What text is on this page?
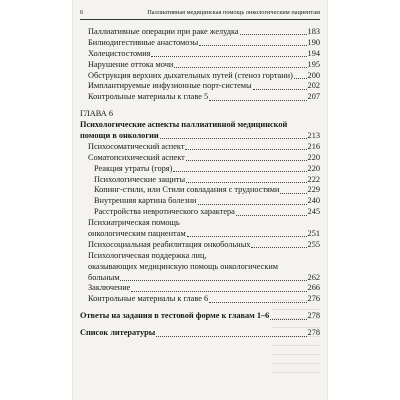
6	Паллиативная медицинская помощь онкологическим пациентам
Паллиативные операции при раке желудка	183
Билиодигестивные анастомозы	190
Холецистостомия	194
Нарушение оттока мочи	195
Обструкция верхних дыхательных путей (стеноз гортани) 200
Имплантируемые инфузионные порт-системы	202
Контрольные материалы к главе 5	207
ГЛАВА 6
Психологические аспекты паллиативной медицинской
помощи в онкологии	213
Психосоматический аспект	216
Соматопсихический аспект	220
Реакция утраты (горя)	220
Психологические защиты	222
Копинг-стили, или Стили совладания с трудностями	229
Внутренняя картина болезни	240
Расстройства невротического характера	245
Психиатрическая помощь
онкологическим пациентам	251
Психосоциальная реабилитация онкобольных	255
Психологическая поддержка лиц,
оказывающих медицинскую помощь онкологическим
больным	262
Заключение	266
Контрольные материалы к главе 6	276
Ответы на задания в тестовой форме к главам 1–6	278
Список литературы	278
